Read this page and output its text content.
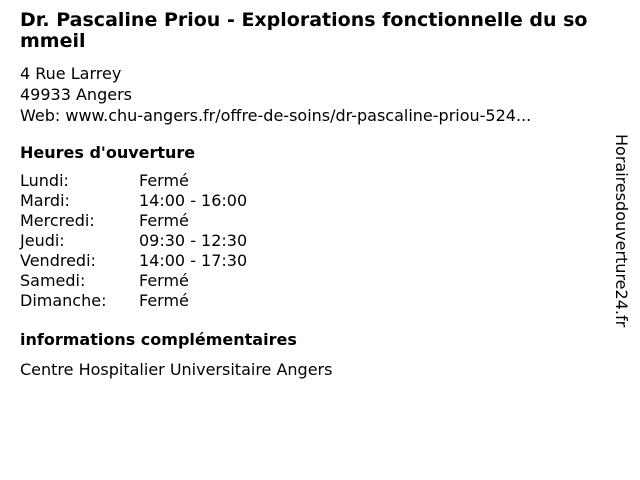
Dr. Pascaline Priou - Explorations fonctionnelle du sommeil
4 Rue Larrey
49933 Angers
Web: www.chu-angers.fr/offre-de-soins/dr-pascaline-priou-524...
Heures d'ouverture
Lundi:	Fermé
Mardi:	14:00 - 16:00
Mercredi:	Fermé
Jeudi:	09:30 - 12:30
Vendredi:	14:00 - 17:30
Samedi:	Fermé
Dimanche:	Fermé
informations complémentaires
Centre Hospitalier Universitaire Angers
Horairesdouverture24.fr
